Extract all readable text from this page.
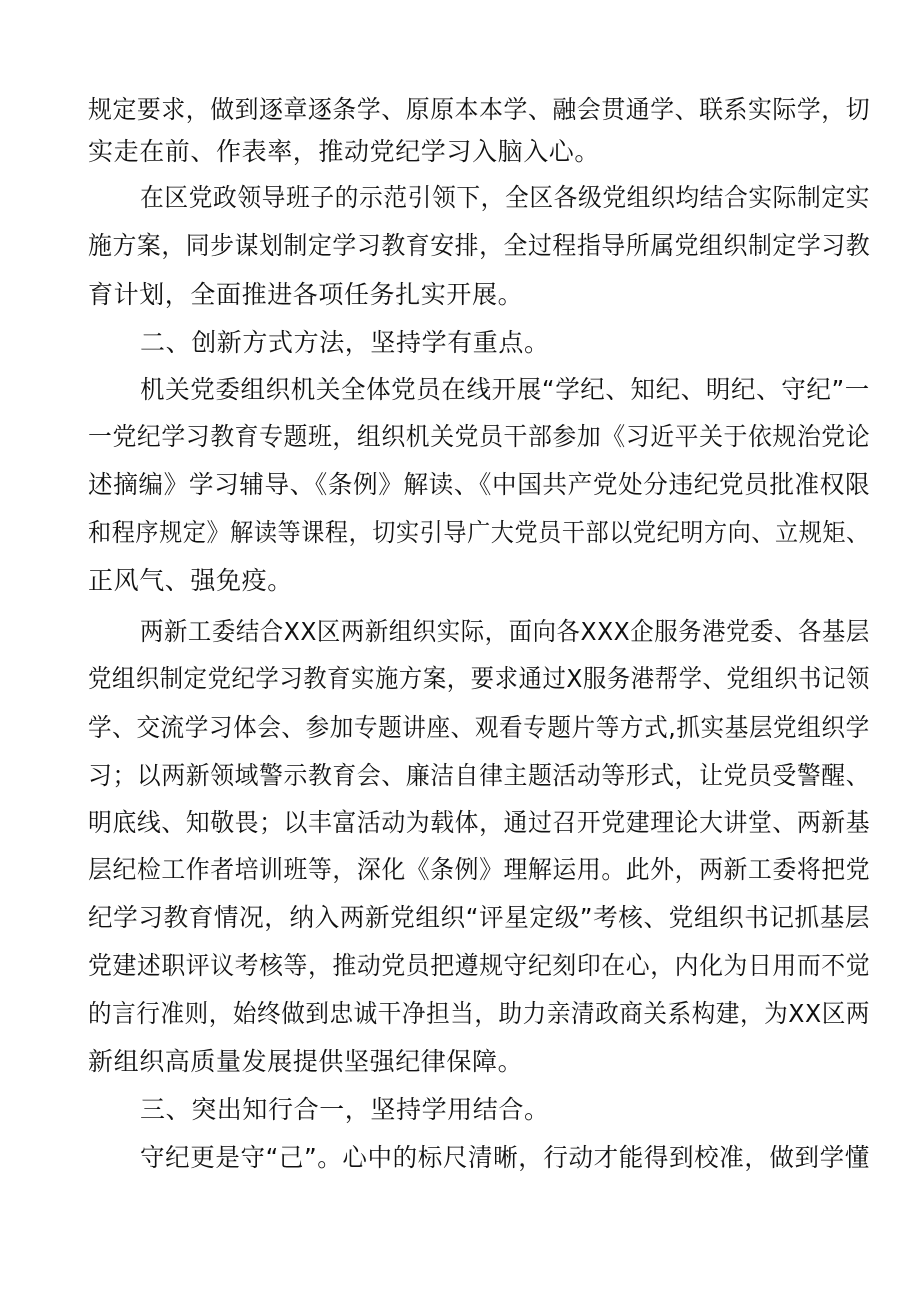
规定要求，做到逐章逐条学、原原本本学、融会贯通学、联系实际学，切
实走在前、作表率，推动党纪学习入脑入心。
在区党政领导班子的示范引领下，全区各级党组织均结合实际制定实
施方案，同步谋划制定学习教育安排，全过程指导所属党组织制定学习教
育计划，全面推进各项任务扎实开展。
二、创新方式方法，坚持学有重点。
机关党委组织机关全体党员在线开展“学纪、知纪、明纪、守纪”一
一党纪学习教育专题班，组织机关党员干部参加《习近平关于依规治党论
述摘编》学习辅导、《条例》解读、《中国共产党处分违纪党员批准权限
和程序规定》解读等课程，切实引导广大党员干部以党纪明方向、立规矩、
正风气、强免疫。
两新工委结合XX区两新组织实际，面向各XXX企服务港党委、各基层
党组织制定党纪学习教育实施方案，要求通过X服务港帮学、党组织书记领
学、交流学习体会、参加专题讲座、观看专题片等方式,抓实基层党组织学
习；以两新领域警示教育会、廉洁自律主题活动等形式，让党员受警醒、
明底线、知敬畏；以丰富活动为载体，通过召开党建理论大讲堂、两新基
层纪检工作者培训班等，深化《条例》理解运用。此外，两新工委将把党
纪学习教育情况，纳入两新党组织“评星定级”考核、党组织书记抓基层
党建述职评议考核等，推动党员把遵规守纪刻印在心，内化为日用而不觉
的言行准则，始终做到忠诚干净担当，助力亲清政商关系构建，为XX区两
新组织高质量发展提供坚强纪律保障。
三、突出知行合一，坚持学用结合。
守纪更是守“己”。心中的标尺清晰，行动才能得到校准，做到学懂
